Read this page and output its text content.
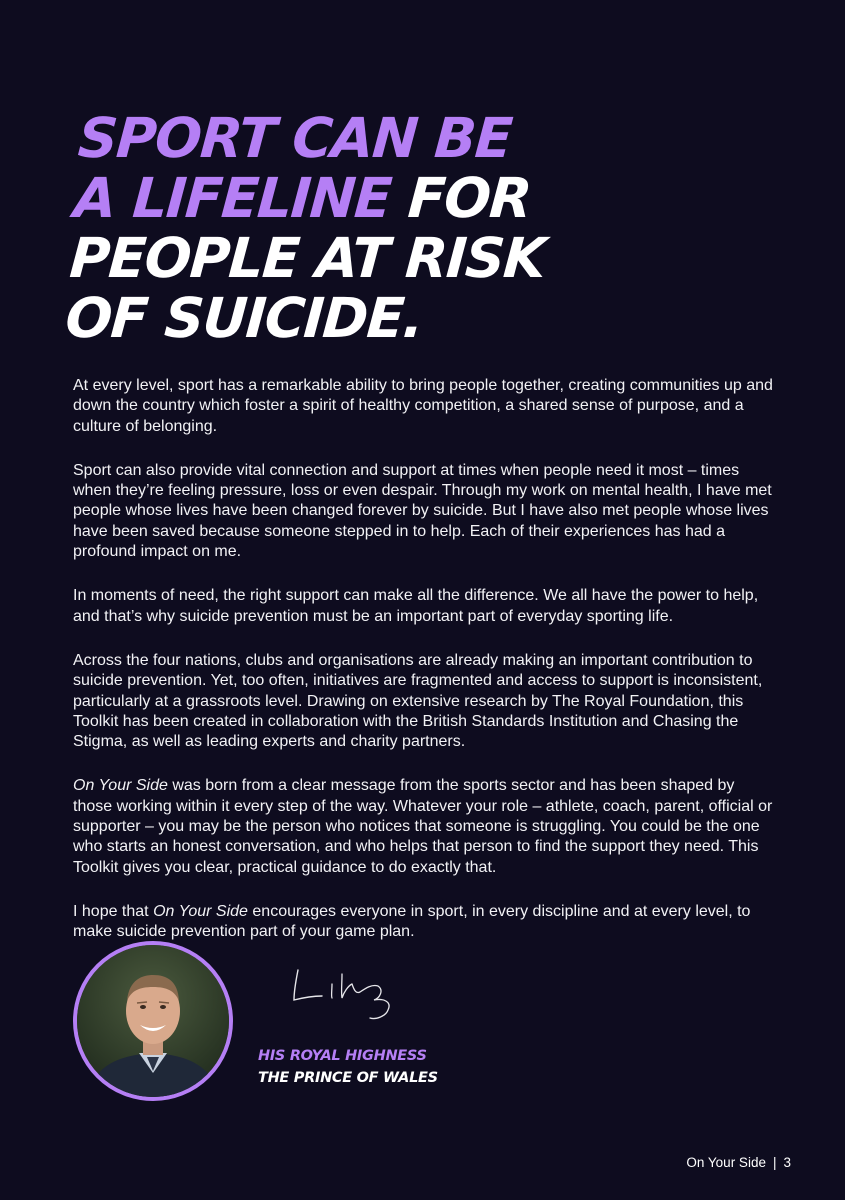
SPORT CAN BE
A LIFELINE FOR
PEOPLE AT RISK
OF SUICIDE.

At every level, sport has a remarkable ability to bring people together, creating communities up and down the country which foster a spirit of healthy competition, a shared sense of purpose, and a culture of belonging.

Sport can also provide vital connection and support at times when people need it most – times when they’re feeling pressure, loss or even despair. Through my work on mental health, I have met people whose lives have been changed forever by suicide. But I have also met people whose lives have been saved because someone stepped in to help. Each of their experiences has had a profound impact on me.

In moments of need, the right support can make all the difference. We all have the power to help, and that’s why suicide prevention must be an important part of everyday sporting life.

Across the four nations, clubs and organisations are already making an important contribution to suicide prevention. Yet, too often, initiatives are fragmented and access to support is inconsistent, particularly at a grassroots level. Drawing on extensive research by The Royal Foundation, this Toolkit has been created in collaboration with the British Standards Institution and Chasing the Stigma, as well as leading experts and charity partners.

On Your Side was born from a clear message from the sports sector and has been shaped by those working within it every step of the way. Whatever your role – athlete, coach, parent, official or supporter – you may be the person who notices that someone is struggling. You could be the one who starts an honest conversation, and who helps that person to find the support they need. This Toolkit gives you clear, practical guidance to do exactly that.

I hope that On Your Side encourages everyone in sport, in every discipline and at every level, to make suicide prevention part of your game plan.

HIS ROYAL HIGHNESS
THE PRINCE OF WALES
On Your Side | 3
